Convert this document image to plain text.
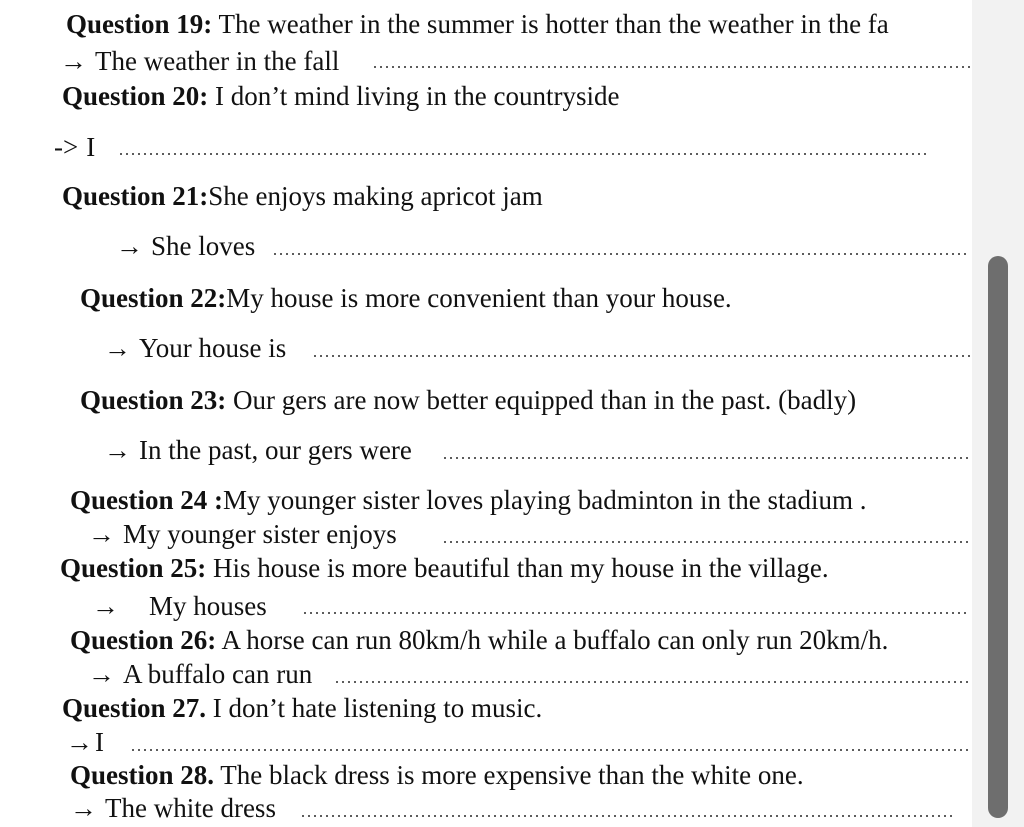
Question 19: The weather in the summer is hotter than the weather in the fa
→ The weather in the fall
Question 20: I don’t mind living in the countryside
-> I
Question 21:She enjoys making apricot jam
→ She loves
Question 22:My house is more convenient than your house.
→ Your house is
Question 23: Our gers are now better equipped than in the past. (badly)
→ In the past, our gers were
Question 24 :My younger sister loves playing badminton in the stadium .
→ My younger sister enjoys
Question 25: His house is more beautiful than my house in the village.
→ My houses
Question 26: A horse can run 80km/h while a buffalo can only run 20km/h.
→ A buffalo can run
Question 27. I don’t hate listening to music.
→I
Question 28. The black dress is more expensive than the white one.
→ The white dress
